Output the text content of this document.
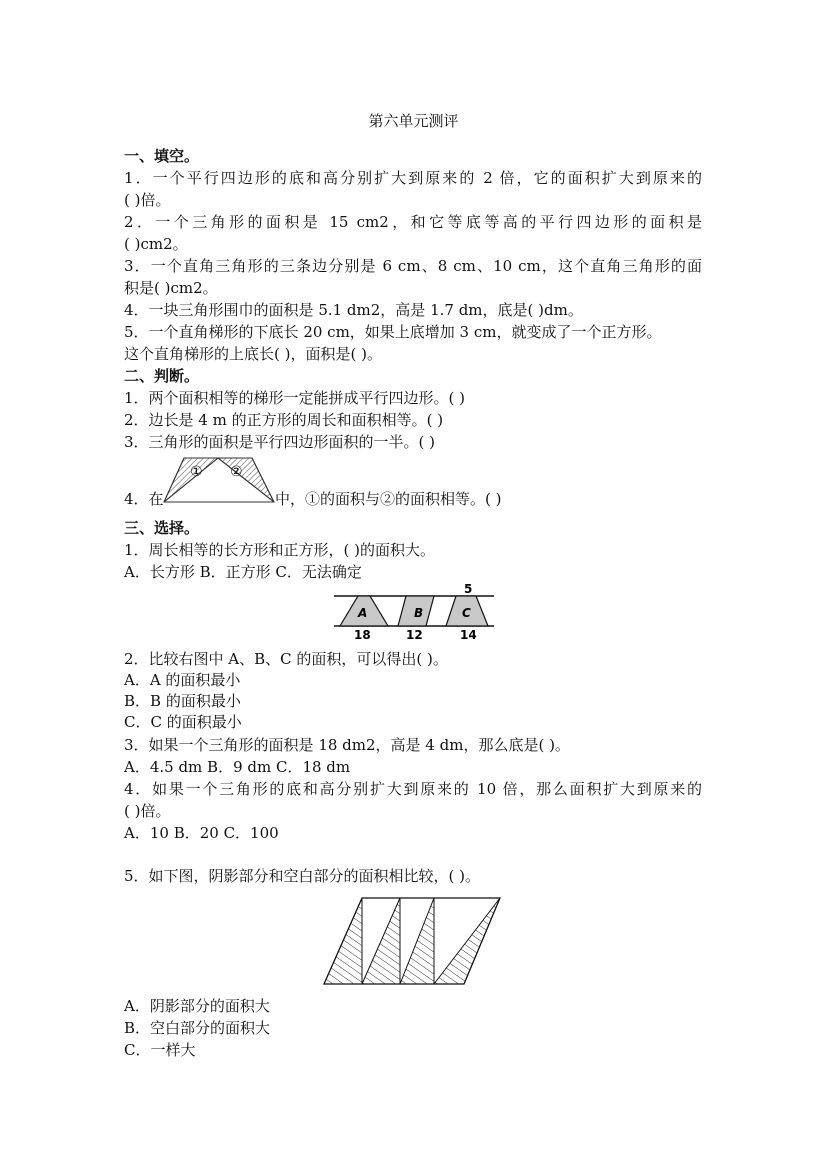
第六单元测评
一、填空。
1．一个平行四边形的底和高分别扩大到原来的 2 倍，它的面积扩大到原来的
( )倍。
2．一个三角形的面积是 15 cm2，和它等底等高的平行四边形的面积是
( )cm2。
3．一个直角三角形的三条边分别是 6 cm、8 cm、10 cm，这个直角三角形的面
积是( )cm2。
4．一块三角形围巾的面积是 5.1 dm2，高是 1.7 dm，底是( )dm。
5．一个直角梯形的下底长 20 cm，如果上底增加 3 cm，就变成了一个正方形。
这个直角梯形的上底长( )，面积是( )。
二、判断。
1．两个面积相等的梯形一定能拼成平行四边形。( )
2．边长是 4 m 的正方形的周长和面积相等。( )
3．三角形的面积是平行四边形面积的一半。( )
4．在
① ②
中，①的面积与②的面积相等。( )
三、选择。
1．周长相等的长方形和正方形，( )的面积大。
A．长方形 B．正方形 C．无法确定
5
A	B	C
18	12	14
2．比较右图中 A、B、C 的面积，可以得出( )。
A．A 的面积最小
B．B 的面积最小
C．C 的面积最小
3．如果一个三角形的面积是 18 dm2，高是 4 dm，那么底是( )。
A．4.5 dm B．9 dm C．18 dm
4．如果一个三角形的底和高分别扩大到原来的 10 倍，那么面积扩大到原来的
( )倍。
A．10 B．20 C．100
5．如下图，阴影部分和空白部分的面积相比较，( )。
A．阴影部分的面积大
B．空白部分的面积大
C．一样大
